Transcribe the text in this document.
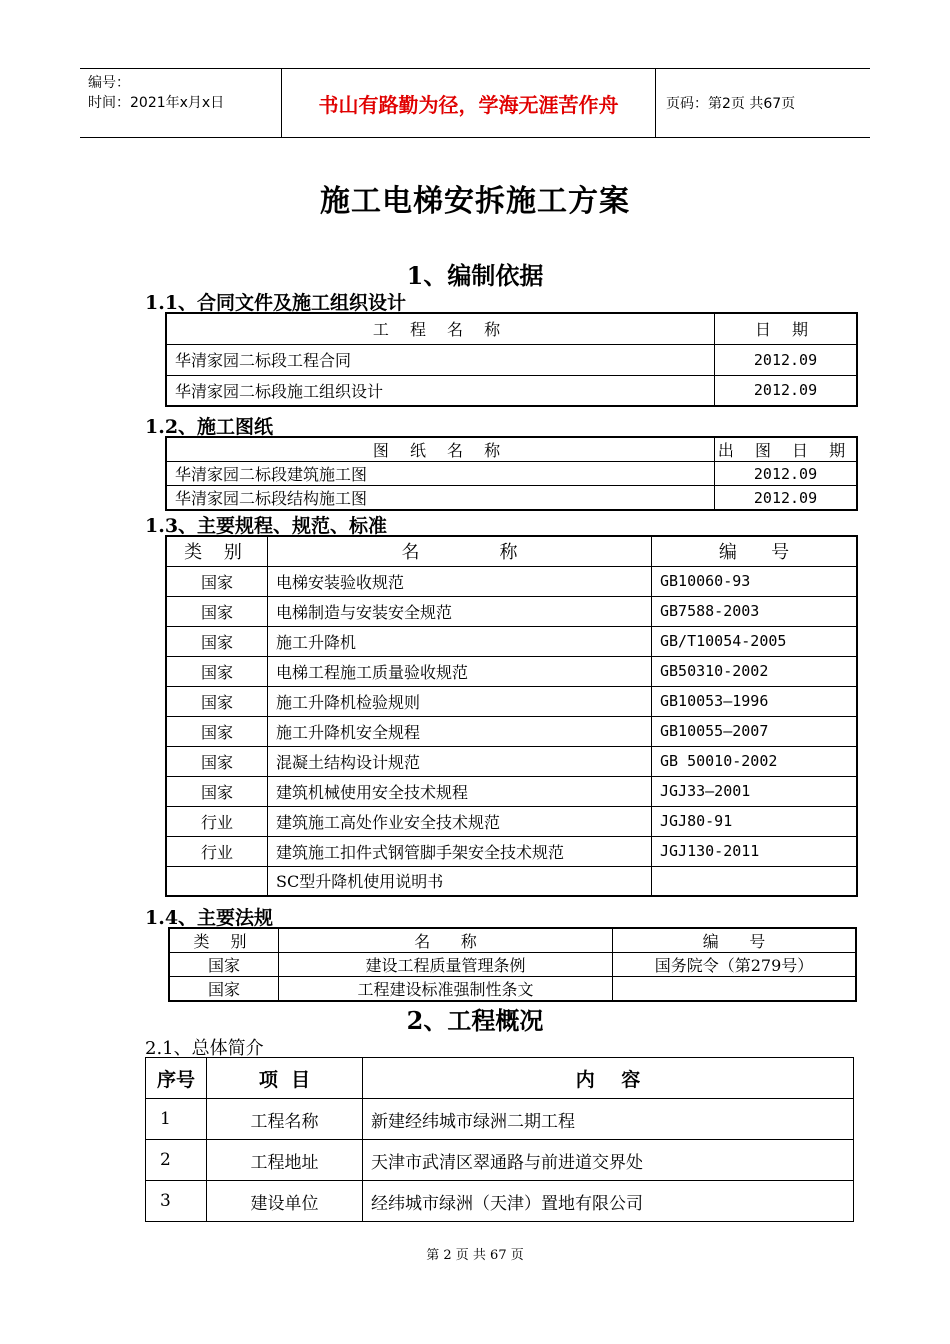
编号：
时间：2021年x月x日	书山有路勤为径，学海无涯苦作舟	页码：第2页 共67页
施工电梯安拆施工方案
1、编制依据
1.1、合同文件及施工组织设计
工 程 名 称	日 期
华清家园二标段工程合同	2012.09
华清家园二标段施工组织设计	2012.09
1.2、施工图纸
图 纸 名 称	出 图 日 期
华清家园二标段建筑施工图	2012.09
华清家园二标段结构施工图	2012.09
1.3、主要规程、规范、标准
类 别	名              称	编      号
国家	电梯安装验收规范	GB10060-93
国家	电梯制造与安装安全规范	GB7588-2003
国家	施工升降机	GB/T10054-2005
国家	电梯工程施工质量验收规范	GB50310-2002
国家	施工升降机检验规则	GB10053—1996
国家	施工升降机安全规程	GB10055—2007
国家	混凝土结构设计规范	GB 50010-2002
国家	建筑机械使用安全技术规程	JGJ33—2001
行业	建筑施工高处作业安全技术规范	JGJ80-91
行业	建筑施工扣件式钢管脚手架安全技术规范	JGJ130-2011
	SC型升降机使用说明书	
1.4、主要法规
类 别	名      称	编      号
国家	建设工程质量管理条例	国务院令（第279号）
国家	工程建设标准强制性条文	
2、工程概况
2.1、总体简介
序号	项  目	内    容
1	工程名称	新建经纬城市绿洲二期工程
2	工程地址	天津市武清区翠通路与前进道交界处
3	建设单位	经纬城市绿洲（天津）置地有限公司
第 2 页 共 67 页
